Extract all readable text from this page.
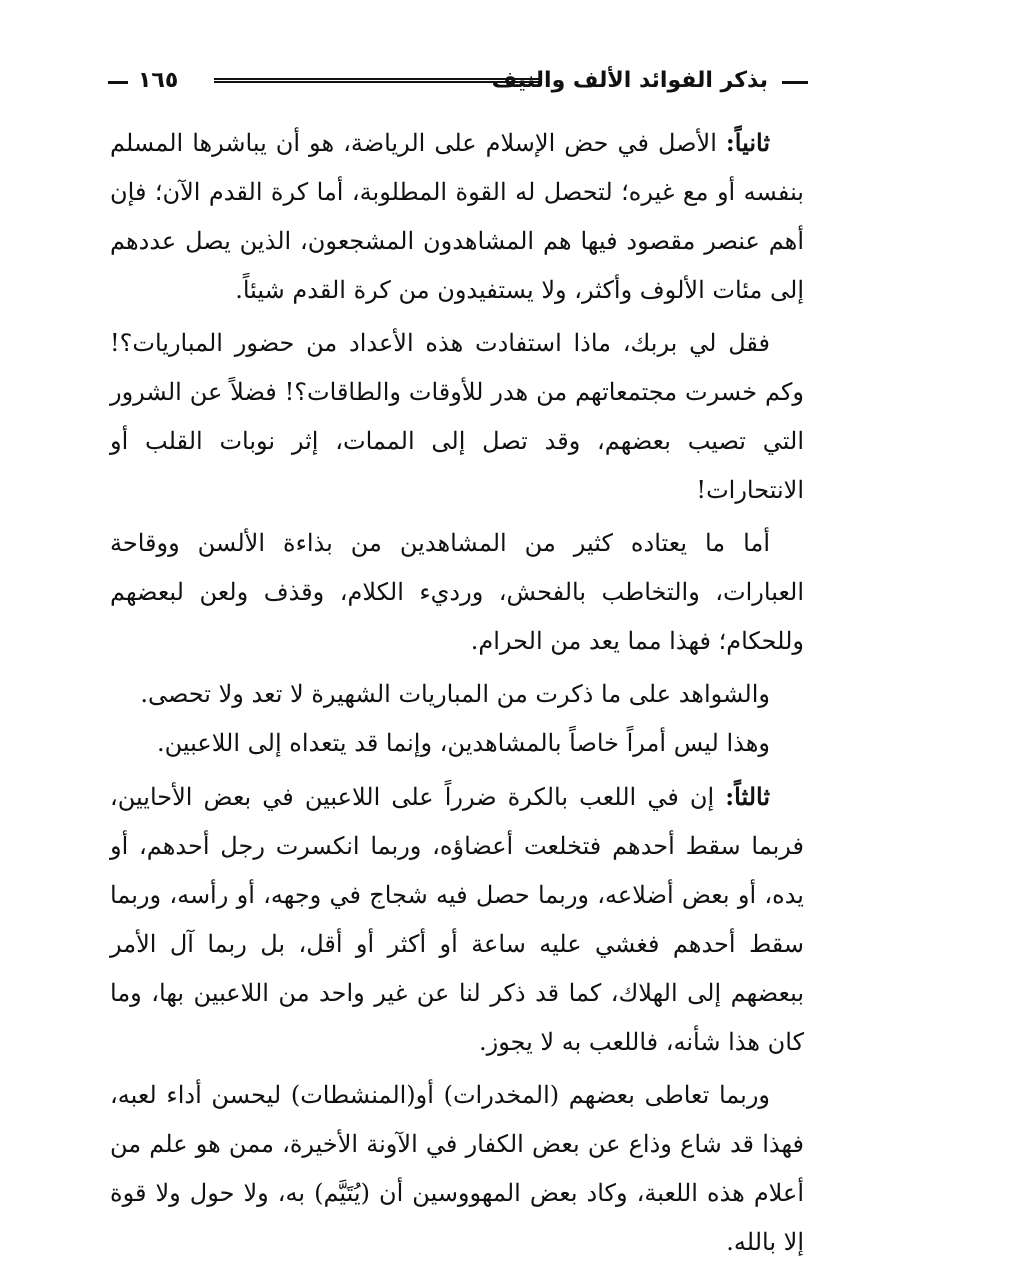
بذكر الفوائد الألف والنيف
١٦٥

ثانياً: الأصل في حض الإسلام على الرياضة، هو أن يباشرها المسلم بنفسه أو مع غيره؛ لتحصل له القوة المطلوبة، أما كرة القدم الآن؛ فإن أهم عنصر مقصود فيها هم المشاهدون المشجعون، الذين يصل عددهم إلى مئات الألوف وأكثر، ولا يستفيدون من كرة القدم شيئاً.

فقل لي بربك، ماذا استفادت هذه الأعداد من حضور المباريات؟! وكم خسرت مجتمعاتهم من هدر للأوقات والطاقات؟! فضلاً عن الشرور التي تصيب بعضهم، وقد تصل إلى الممات، إثر نوبات القلب أو الانتحارات!

أما ما يعتاده كثير من المشاهدين من بذاءة الألسن ووقاحة العبارات، والتخاطب بالفحش، ورديء الكلام، وقذف ولعن لبعضهم وللحكام؛ فهذا مما يعد من الحرام.

والشواهد على ما ذكرت من المباريات الشهيرة لا تعد ولا تحصى.

وهذا ليس أمراً خاصاً بالمشاهدين، وإنما قد يتعداه إلى اللاعبين.

ثالثاً: إن في اللعب بالكرة ضرراً على اللاعبين في بعض الأحايين، فربما سقط أحدهم فتخلعت أعضاؤه، وربما انكسرت رجل أحدهم، أو يده، أو بعض أضلاعه، وربما حصل فيه شجاج في وجهه، أو رأسه، وربما سقط أحدهم فغشي عليه ساعة أو أكثر أو أقل، بل ربما آل الأمر ببعضهم إلى الهلاك، كما قد ذكر لنا عن غير واحد من اللاعبين بها، وما كان هذا شأنه، فاللعب به لا يجوز.

وربما تعاطى بعضهم (المخدرات) أو(المنشطات) ليحسن أداء لعبه، فهذا قد شاع وذاع عن بعض الكفار في الآونة الأخيرة، ممن هو علم من أعلام هذه اللعبة، وكاد بعض المهووسين أن (يُتَيَّم) به، ولا حول ولا قوة إلا بالله.
